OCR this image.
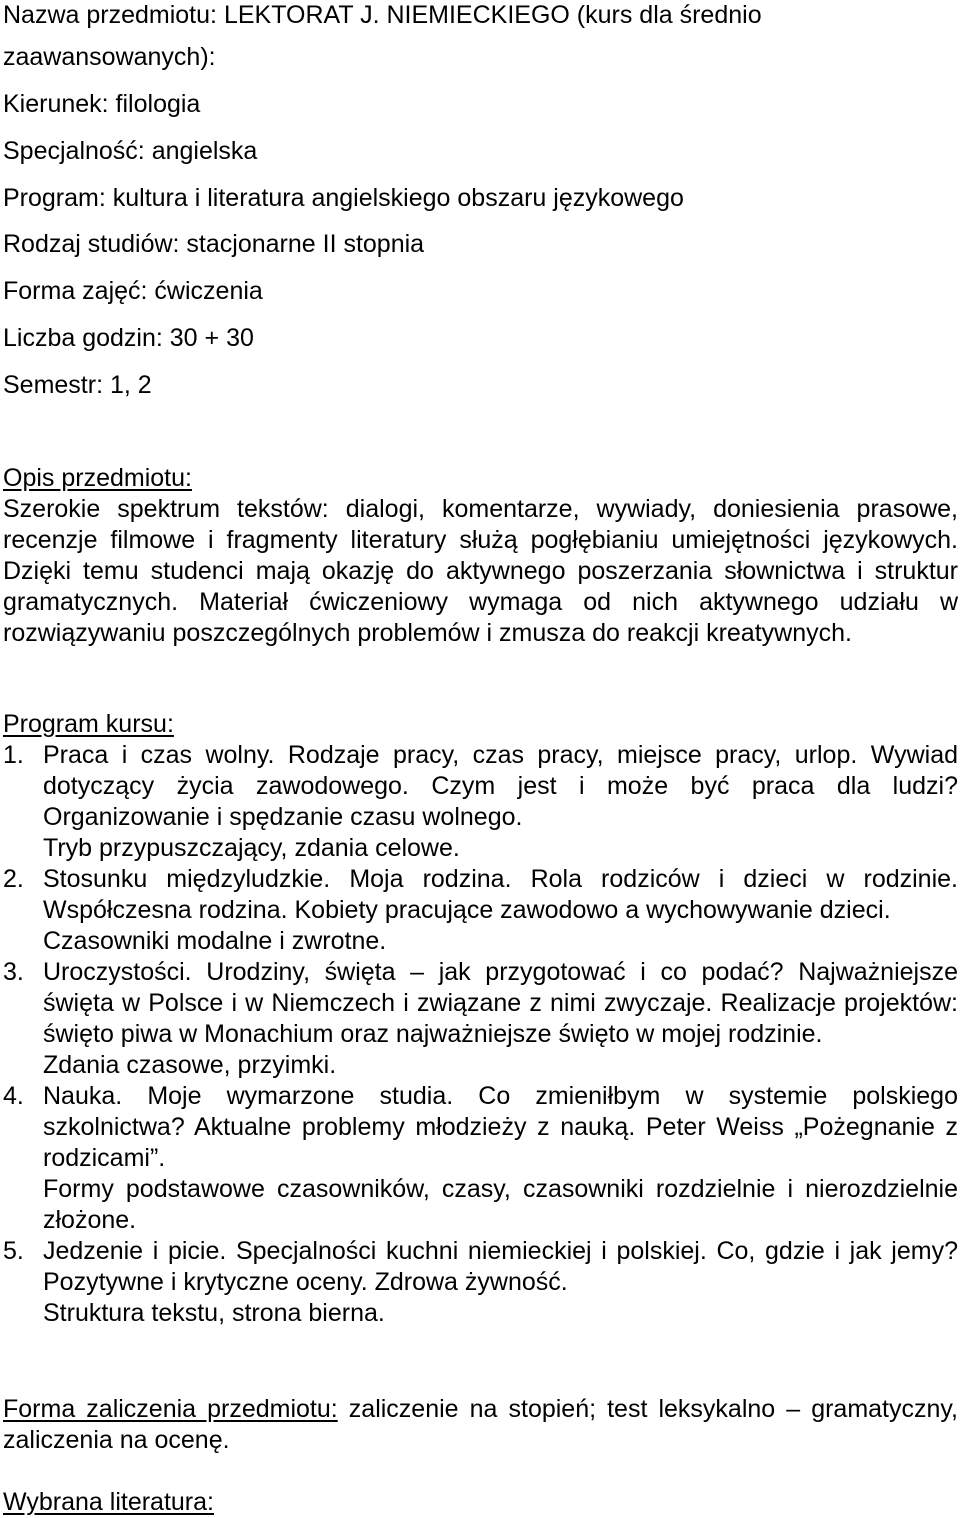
Nazwa przedmiotu: LEKTORAT J. NIEMIECKIEGO (kurs dla średnio
zaawansowanych):
Kierunek: filologia
Specjalność: angielska
Program: kultura i literatura angielskiego obszaru językowego
Rodzaj studiów: stacjonarne II stopnia
Forma zajęć: ćwiczenia
Liczba godzin: 30 + 30
Semestr: 1, 2
Opis przedmiotu:
Szerokie spektrum tekstów: dialogi, komentarze, wywiady, doniesienia prasowe, recenzje filmowe i fragmenty literatury służą pogłębianiu umiejętności językowych. Dzięki temu studenci mają okazję do aktywnego poszerzania słownictwa i struktur gramatycznych. Materiał ćwiczeniowy wymaga od nich aktywnego udziału w rozwiązywaniu poszczególnych problemów i zmusza do reakcji kreatywnych.
Program kursu:
1. Praca i czas wolny. Rodzaje pracy, czas pracy, miejsce pracy, urlop. Wywiad dotyczący życia zawodowego. Czym jest i może być praca dla ludzi? Organizowanie i spędzanie czasu wolnego.
Tryb przypuszczający, zdania celowe.
2. Stosunku międzyludzkie. Moja rodzina. Rola rodziców i dzieci w rodzinie. Współczesna rodzina. Kobiety pracujące zawodowo a wychowywanie dzieci.
Czasowniki modalne i zwrotne.
3. Uroczystości. Urodziny, święta – jak przygotować i co podać? Najważniejsze święta w Polsce i w Niemczech i związane z nimi zwyczaje. Realizacje projektów: święto piwa w Monachium oraz najważniejsze święto w mojej rodzinie.
Zdania czasowe, przyimki.
4. Nauka. Moje wymarzone studia. Co zmieniłbym w systemie polskiego szkolnictwa? Aktualne problemy młodzieży z nauką. Peter Weiss „Pożegnanie z rodzicami”.
Formy podstawowe czasowników, czasy, czasowniki rozdzielnie i nierozdzielnie złożone.
5. Jedzenie i picie. Specjalności kuchni niemieckiej i polskiej. Co, gdzie i jak jemy? Pozytywne i krytyczne oceny. Zdrowa żywność.
Struktura tekstu, strona bierna.
Forma zaliczenia przedmiotu: zaliczenie na stopień; test leksykalno – gramatyczny, zaliczenia na ocenę.
Wybrana literatura:
